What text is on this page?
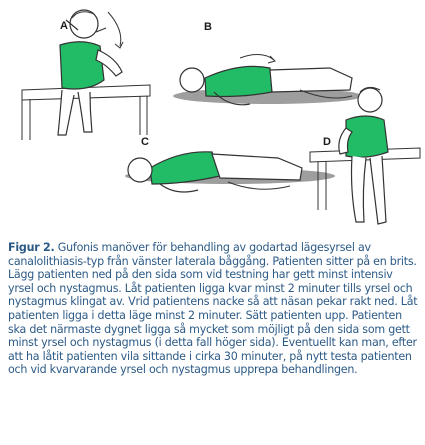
A	B
C	D

Figur 2. Gufonis manöver för behandling av godartad lägesyrsel av canalolithiasis-typ från vänster laterala båggång. Patienten sitter på en brits. Lägg patienten ned på den sida som vid testning har gett minst intensiv yrsel och nystagmus. Låt patienten ligga kvar minst 2 minuter tills yrsel och nystagmus klingat av. Vrid patientens nacke så att näsan pekar rakt ned. Låt patienten ligga i detta läge minst 2 minuter. Sätt patienten upp. Patienten ska det närmaste dygnet ligga så mycket som möjligt på den sida som gett minst yrsel och nystagmus (i detta fall höger sida). Eventuellt kan man, efter att ha låtit patienten vila sittande i cirka 30 minuter, på nytt testa patienten och vid kvarvarande yrsel och nystagmus upprepa behandlingen.
